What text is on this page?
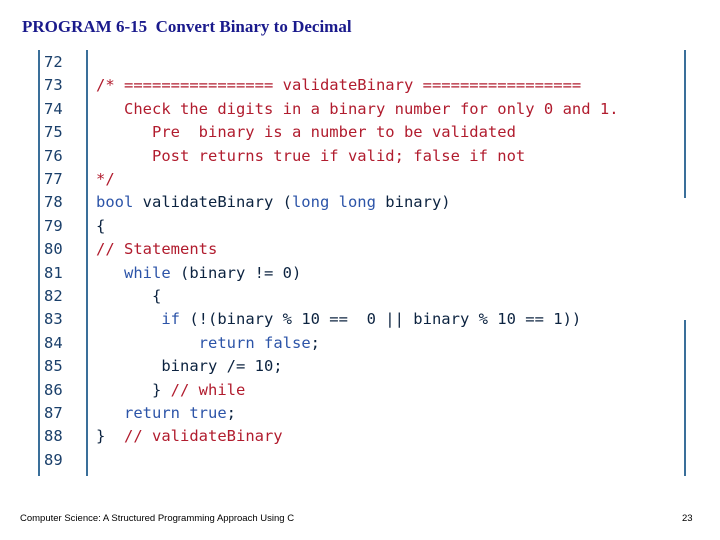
PROGRAM 6-15  Convert Binary to Decimal
72
73	/* ================ validateBinary =================
74	Check the digits in a binary number for only 0 and 1.
75	Pre  binary is a number to be validated
76	Post returns true if valid; false if not
77	*/
78	bool validateBinary (long long binary)
79	{
80	// Statements
81	while (binary != 0)
82	{
83	if (!(binary % 10 ==  0 || binary % 10 == 1))
84	return false;
85	binary /= 10;
86	} // while
87	return true;
88	}  // validateBinary
89
Computer Science: A Structured Programming Approach Using C	23
